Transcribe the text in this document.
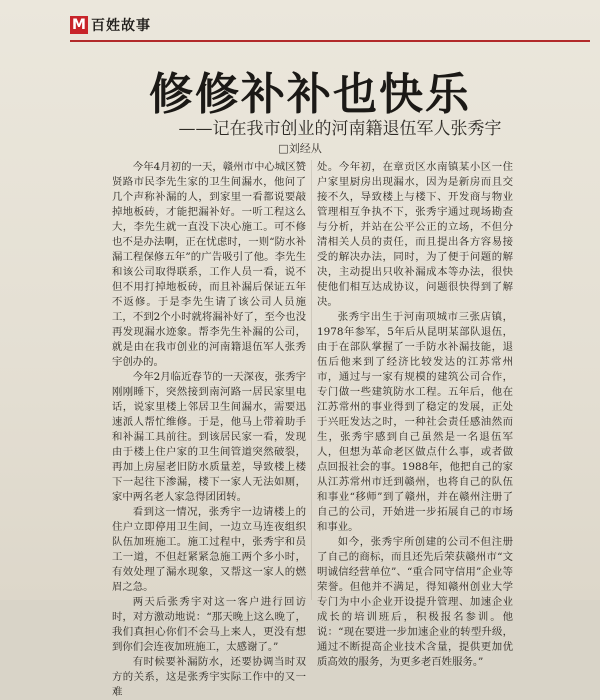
M 百姓故事
修修补补也快乐
——记在我市创业的河南籍退伍军人张秀宇
□刘经从

今年4月初的一天，赣州市中心城区赞贤路市民李先生家的卫生间漏水，他问了几个声称补漏的人，到家里一看都说要敲掉地板砖，才能把漏补好。一听工程这么大，李先生就一直没下决心施工。可不修也不是办法啊，正在忧虑时，一则“防水补漏工程保修五年”的广告吸引了他。李先生和该公司取得联系，工作人员一看，说不但不用打掉地板砖，而且补漏后保证五年不返修。于是李先生请了该公司人员施工，不到2个小时就将漏补好了，至今也没再发现漏水迹象。帮李先生补漏的公司，就是由在我市创业的河南籍退伍军人张秀宇创办的。

今年2月临近春节的一天深夜，张秀宇刚刚睡下，突然接到南河路一居民家里电话，说家里楼上邻居卫生间漏水，需要迅速派人帮忙维修。于是，他马上带着助手和补漏工具前往。到该居民家一看，发现由于楼上住户家的卫生间管道突然破裂，再加上房屋老旧防水质量差，导致楼上楼下一起往下渗漏，楼下一家人无法如厕，家中两名老人家急得团团转。

看到这一情况，张秀宇一边请楼上的住户立即停用卫生间，一边立马连夜组织队伍加班施工。施工过程中，张秀宇和员工一道，不但赶紧紧急施工两个多小时，有效处理了漏水现象，又帮这一家人的燃眉之急。

两天后张秀宇对这一客户进行回访时，对方激动地说：“那天晚上这么晚了，我们真担心你们不会马上来人，更没有想到你们会连夜加班施工，太感谢了。”

有时候要补漏防水，还要协调当时双方的关系，这是张秀宇实际工作中的又一难

处。今年初，在章贡区水南镇某小区一住户家里厨房出现漏水，因为是新房而且交接不久，导致楼上与楼下、开发商与物业管理相互争执不下，张秀宇通过现场勘查与分析，并站在公平公正的立场，不但分清相关人员的责任，而且提出各方容易接受的解决办法，同时，为了便于问题的解决，主动提出只收补漏成本等办法，很快使他们相互达成协议，问题很快得到了解决。

张秀宇出生于河南项城市三张店镇，1978年参军，5年后从昆明某部队退伍，由于在部队掌握了一手防水补漏技能，退伍后他来到了经济比较发达的江苏常州市，通过与一家有规模的建筑公司合作，专门做一些建筑防水工程。五年后，他在江苏常州的事业得到了稳定的发展，正处于兴旺发达之时，一种社会责任感油然而生，张秀宇感到自己虽然是一名退伍军人，但想为革命老区做点什么事，或者做点回报社会的事。1988年，他把自己的家从江苏常州市迁到赣州，也将自己的队伍和事业“移师”到了赣州，并在赣州注册了自己的公司，开始进一步拓展自己的市场和事业。

如今，张秀宇所创建的公司不但注册了自己的商标，而且还先后荣获赣州市“文明诚信经营单位”、“重合同守信用”企业等荣誉。但他并不满足，得知赣州创业大学专门为中小企业开设提升管理、加速企业成长的培训班后，积极报名参训。他说：“现在要进一步加速企业的转型升级，通过不断提高企业技术含量，提供更加优质高效的服务，为更多老百姓服务。”
